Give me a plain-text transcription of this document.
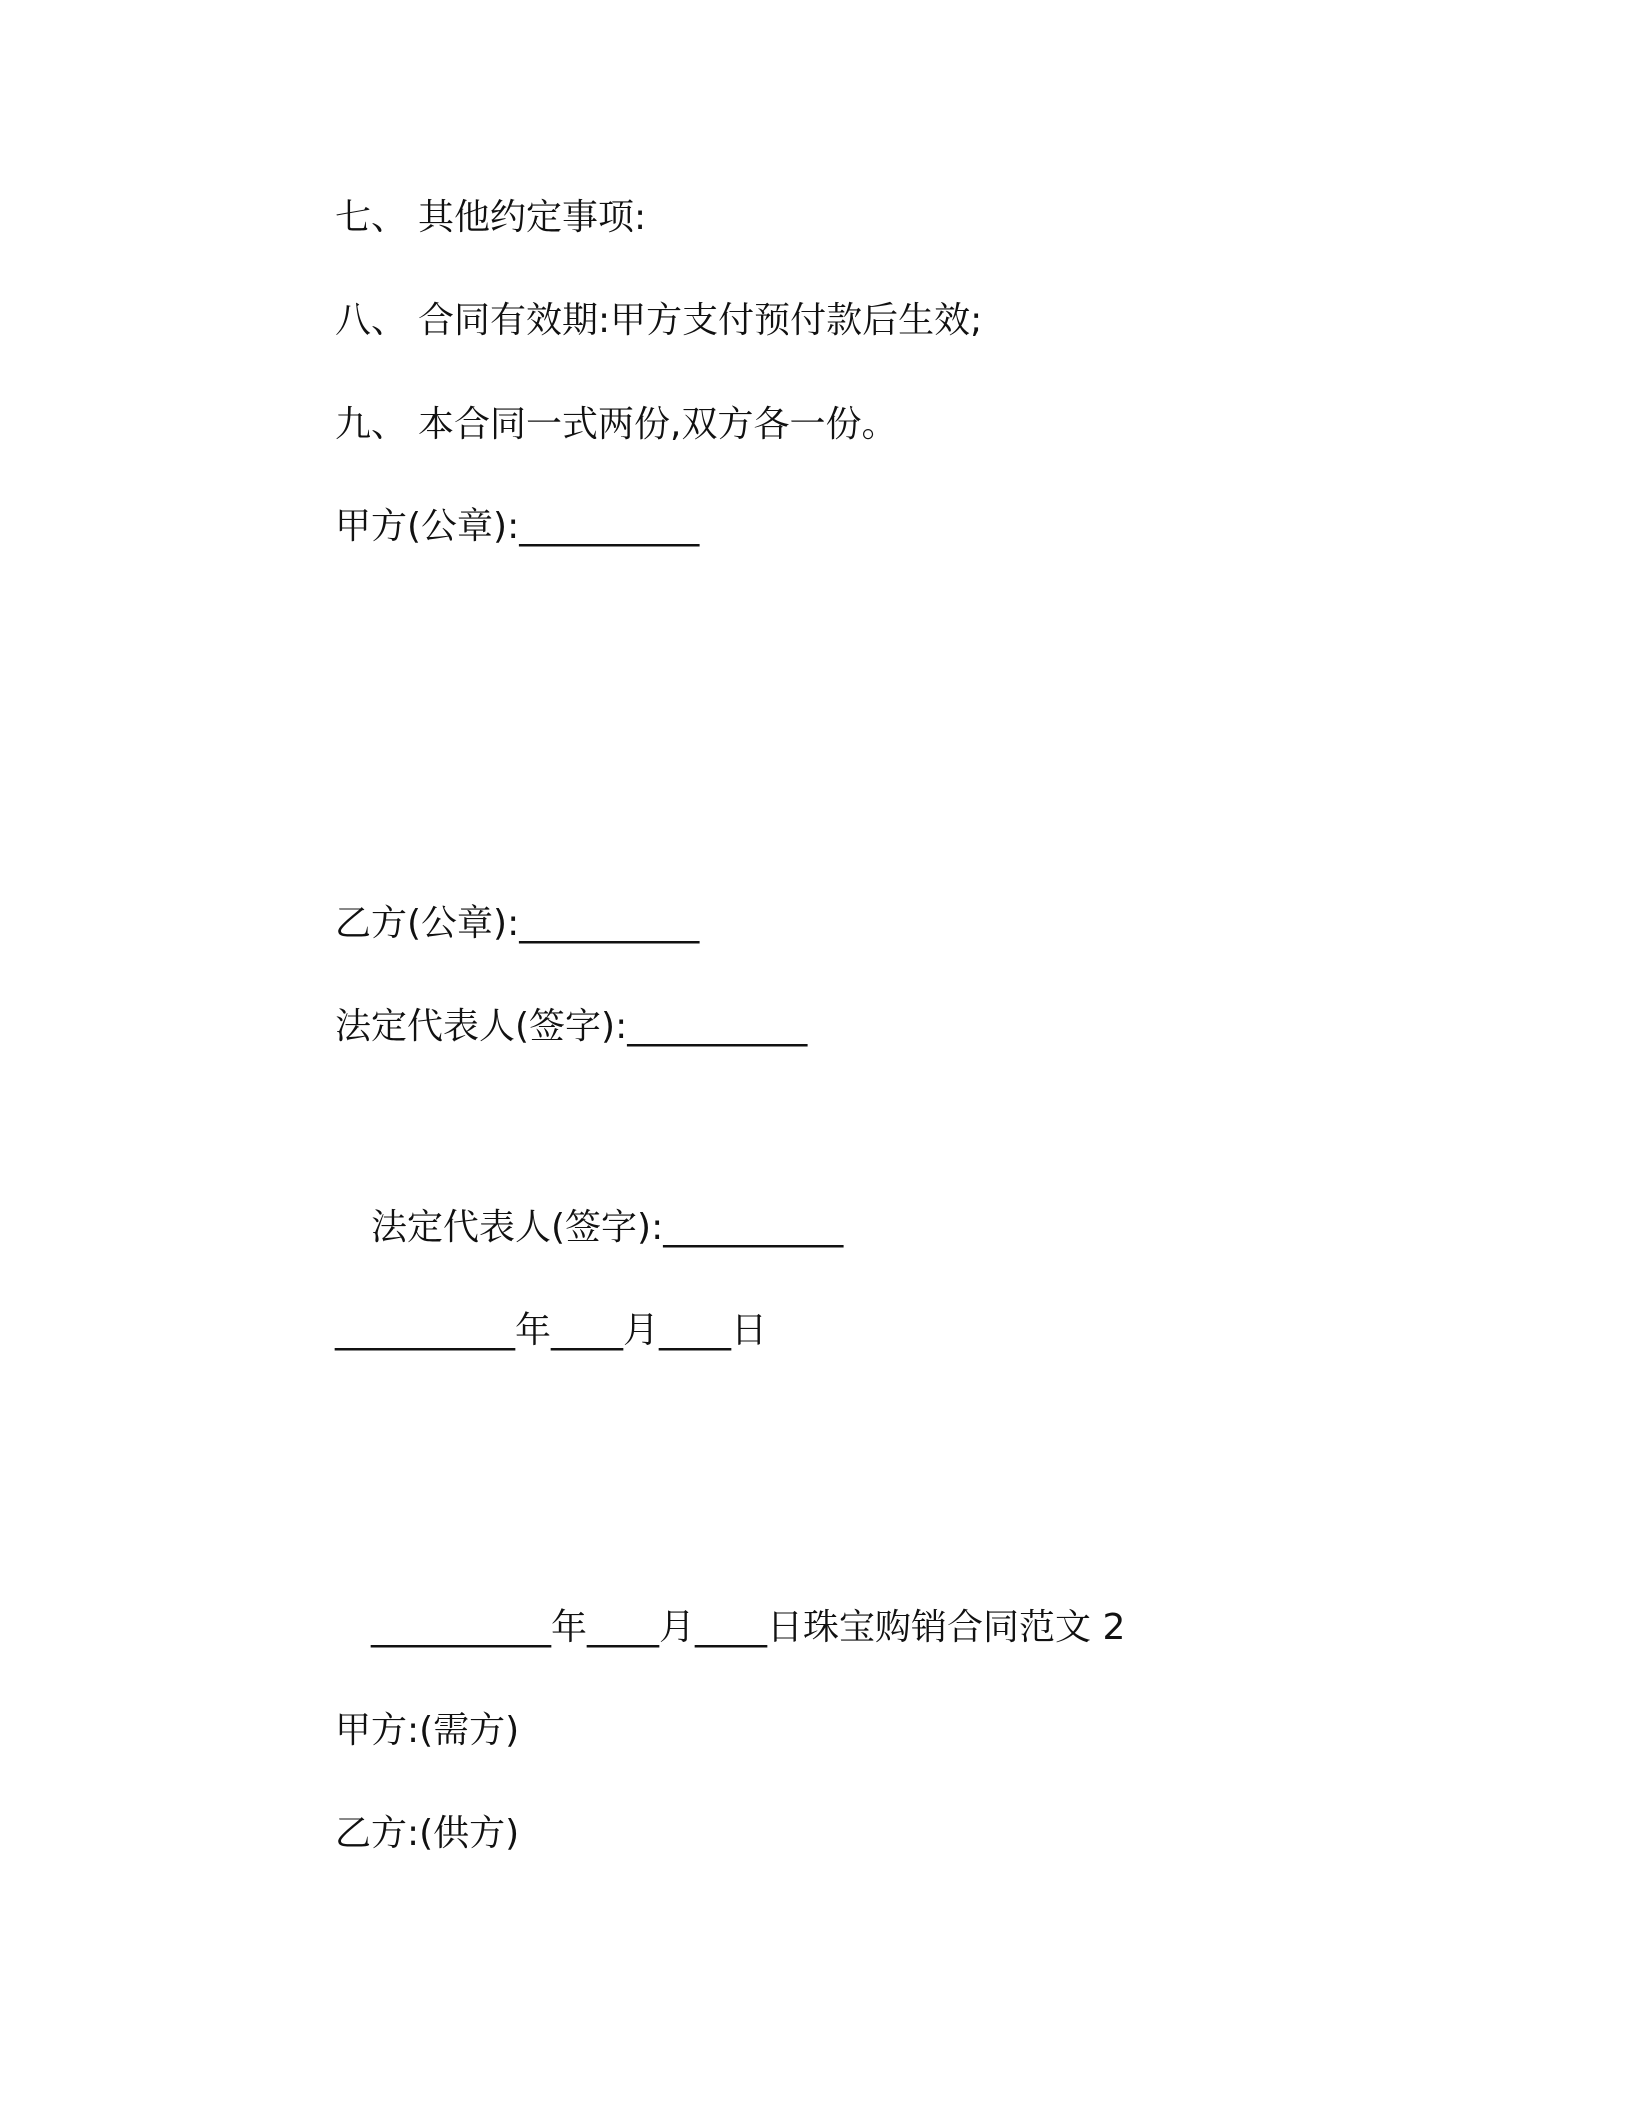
七、 其他约定事项:

八、 合同有效期:甲方支付预付款后生效;

九、 本合同一式两份,双方各一份。

甲方(公章):__________

乙方(公章):__________

法定代表人(签字):__________

法定代表人(签字):__________

__________年____月____日

__________年____月____日珠宝购销合同范文 2

甲方:(需方)

乙方:(供方)
